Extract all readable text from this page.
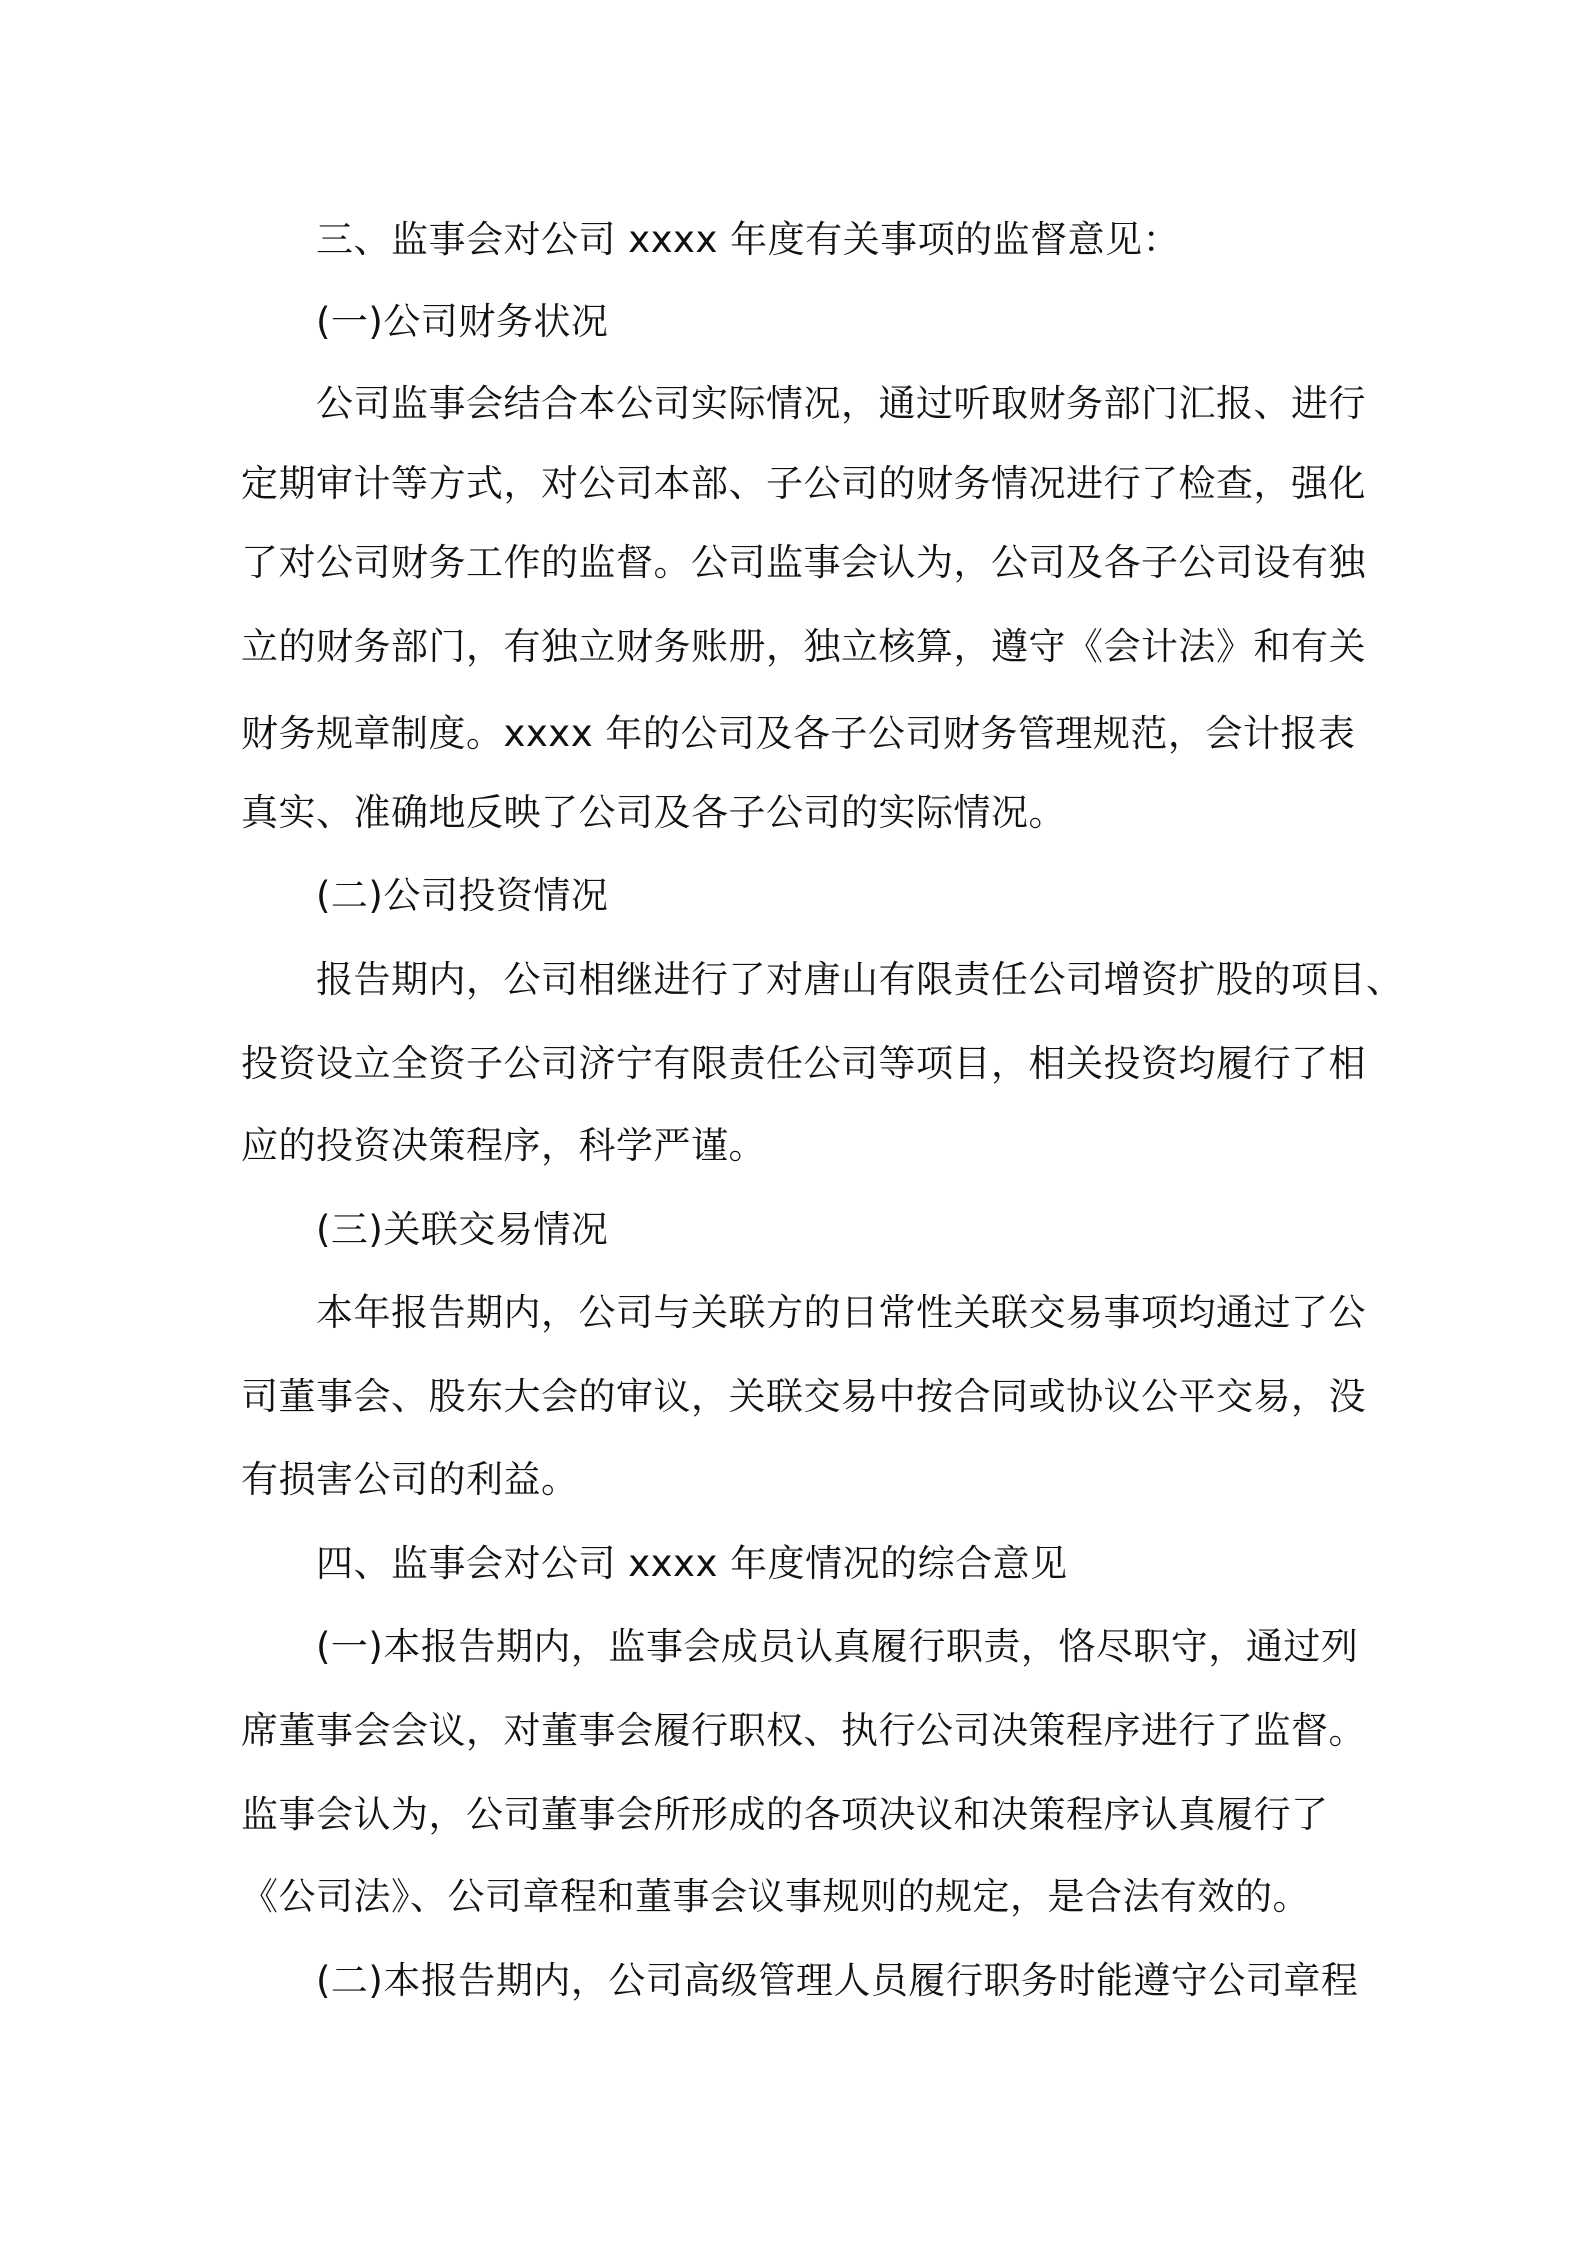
三、监事会对公司 xxxx 年度有关事项的监督意见：
(一)公司财务状况
公司监事会结合本公司实际情况，通过听取财务部门汇报、进行
定期审计等方式，对公司本部、子公司的财务情况进行了检查，强化
了对公司财务工作的监督。公司监事会认为，公司及各子公司设有独
立的财务部门，有独立财务账册，独立核算，遵守《会计法》和有关
财务规章制度。xxxx 年的公司及各子公司财务管理规范，会计报表
真实、准确地反映了公司及各子公司的实际情况。
(二)公司投资情况
报告期内，公司相继进行了对唐山有限责任公司增资扩股的项目、
投资设立全资子公司济宁有限责任公司等项目，相关投资均履行了相
应的投资决策程序，科学严谨。
(三)关联交易情况
本年报告期内，公司与关联方的日常性关联交易事项均通过了公
司董事会、股东大会的审议，关联交易中按合同或协议公平交易，没
有损害公司的利益。
四、监事会对公司 xxxx 年度情况的综合意见
(一)本报告期内，监事会成员认真履行职责，恪尽职守，通过列
席董事会会议，对董事会履行职权、执行公司决策程序进行了监督。
监事会认为，公司董事会所形成的各项决议和决策程序认真履行了
《公司法》、公司章程和董事会议事规则的规定，是合法有效的。
(二)本报告期内，公司高级管理人员履行职务时能遵守公司章程
